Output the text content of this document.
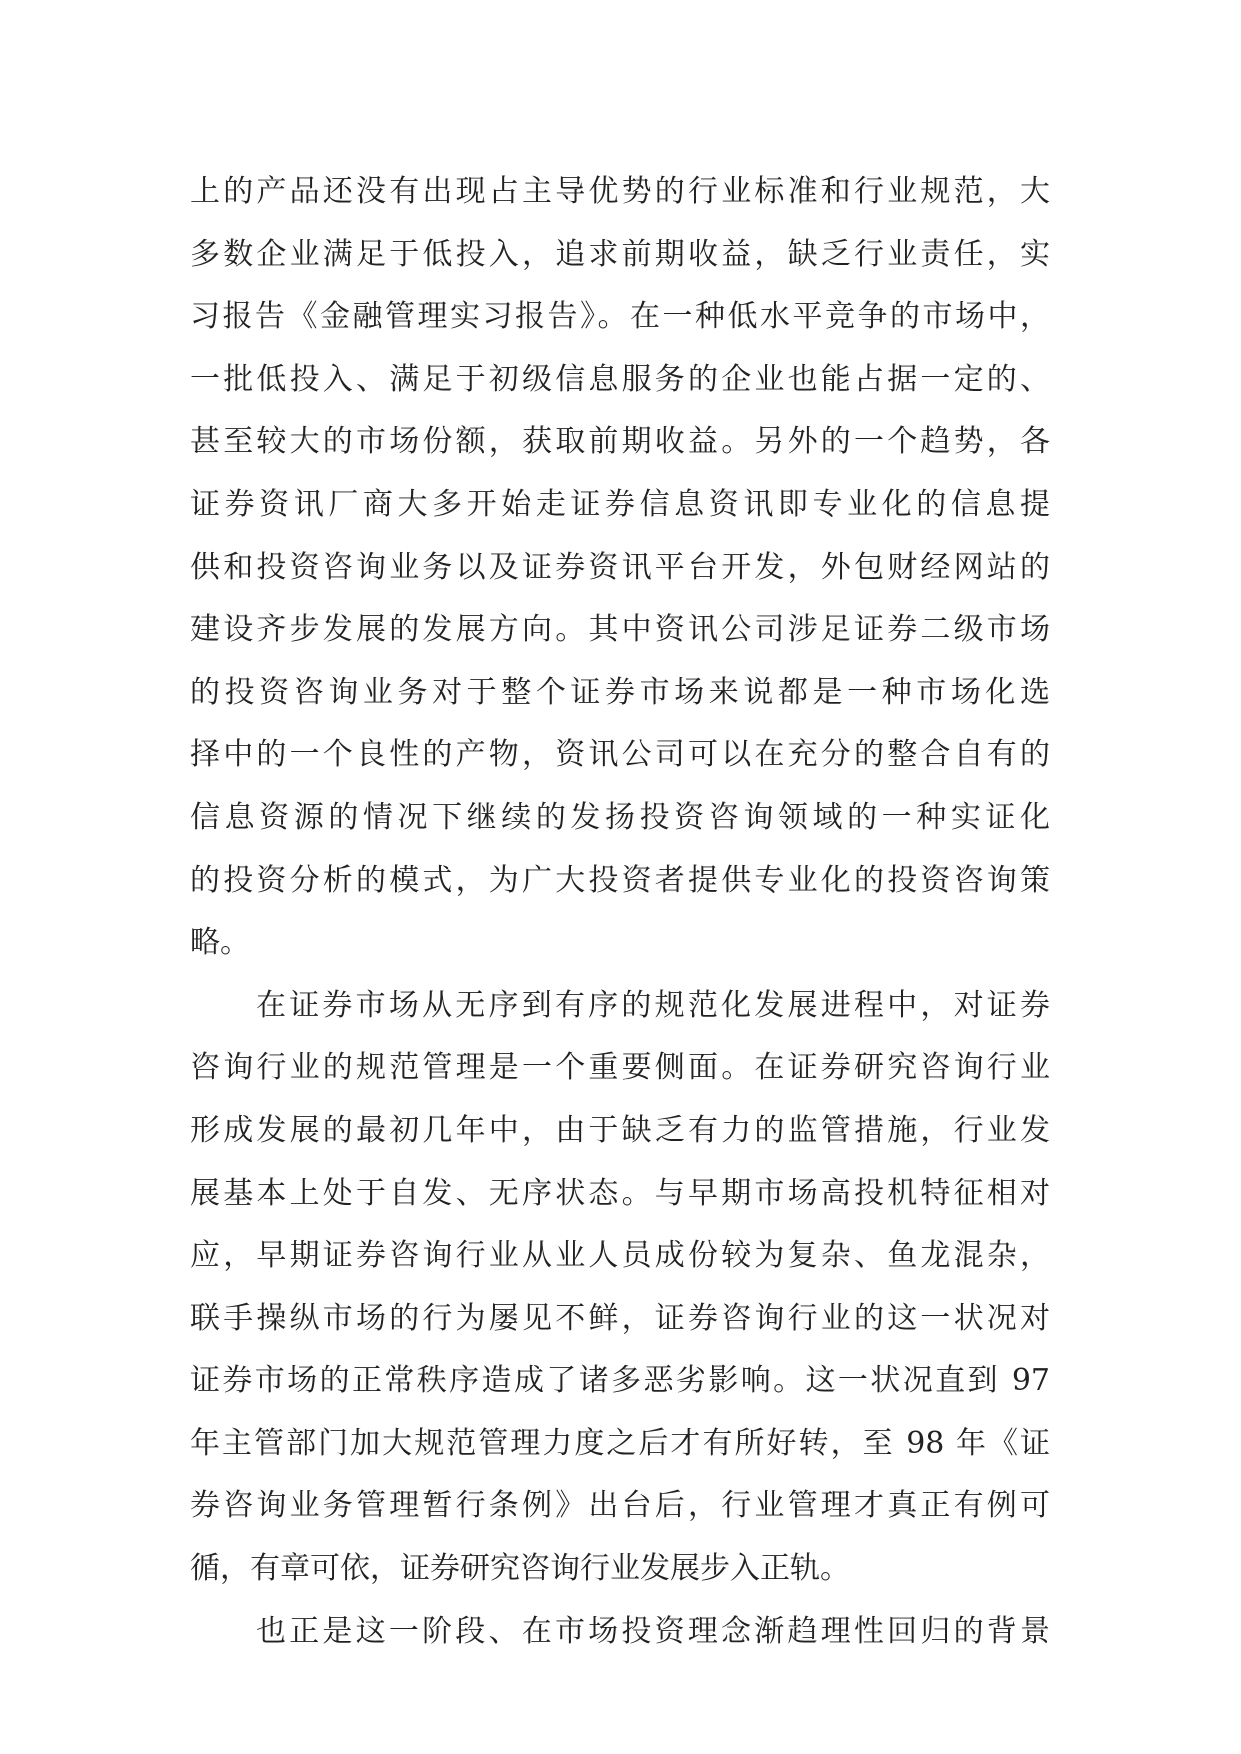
上的产品还没有出现占主导优势的行业标准和行业规范，大
多数企业满足于低投入，追求前期收益，缺乏行业责任，实
习报告《金融管理实习报告》。在一种低水平竞争的市场中，
一批低投入、满足于初级信息服务的企业也能占据一定的、
甚至较大的市场份额，获取前期收益。另外的一个趋势，各
证券资讯厂商大多开始走证券信息资讯即专业化的信息提
供和投资咨询业务以及证券资讯平台开发，外包财经网站的
建设齐步发展的发展方向。其中资讯公司涉足证券二级市场
的投资咨询业务对于整个证券市场来说都是一种市场化选
择中的一个良性的产物，资讯公司可以在充分的整合自有的
信息资源的情况下继续的发扬投资咨询领域的一种实证化
的投资分析的模式，为广大投资者提供专业化的投资咨询策
略。
在证券市场从无序到有序的规范化发展进程中，对证券
咨询行业的规范管理是一个重要侧面。在证券研究咨询行业
形成发展的最初几年中，由于缺乏有力的监管措施，行业发
展基本上处于自发、无序状态。与早期市场高投机特征相对
应，早期证券咨询行业从业人员成份较为复杂、鱼龙混杂，
联手操纵市场的行为屡见不鲜，证券咨询行业的这一状况对
证券市场的正常秩序造成了诸多恶劣影响。这一状况直到 97
年主管部门加大规范管理力度之后才有所好转，至 98 年《证
券咨询业务管理暂行条例》出台后，行业管理才真正有例可
循，有章可依，证券研究咨询行业发展步入正轨。
也正是这一阶段、在市场投资理念渐趋理性回归的背景
